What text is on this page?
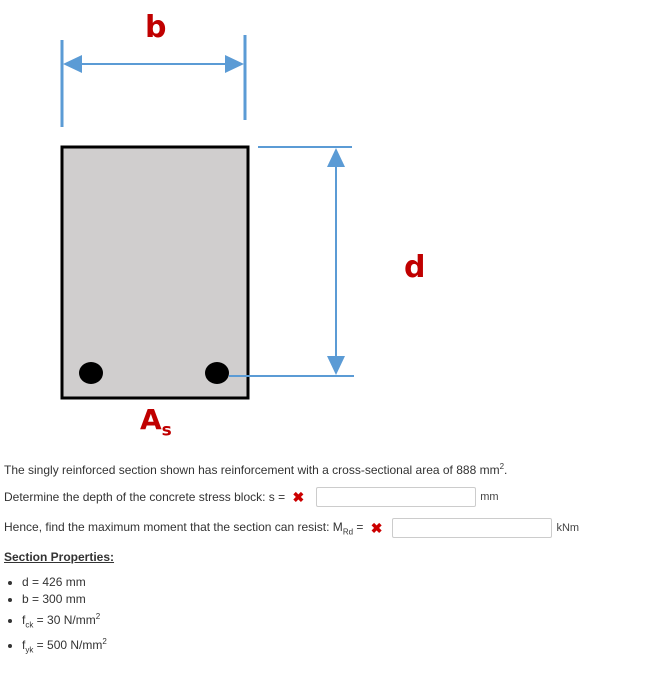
b
d
$A_s$
The singly reinforced section shown has reinforcement with a cross-sectional area of 888 $mm^2$.
Determine the depth of the concrete stress block: s = ✖	mm
Hence, find the maximum moment that the section can resist: $M_{Rd}$ = ✖	kNm
Section Properties:
• d = 426 mm
• b = 300 mm
• $f_{ck} = 30$ $N/mm^2$
• $f_{yk} = 500$ $N/mm^2$
